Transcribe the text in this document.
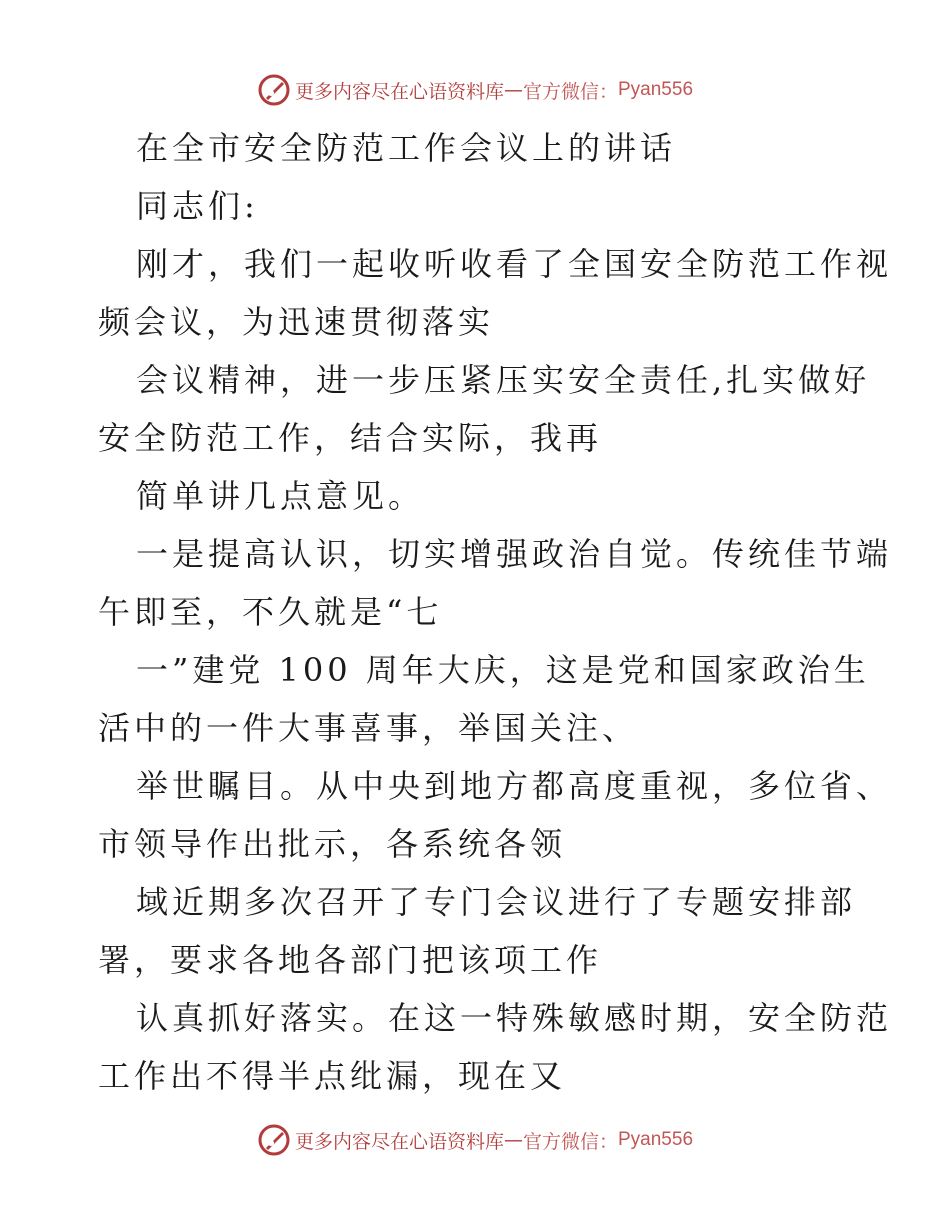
更多内容尽在心语资料库 — 官方微信： Pyan556
在全市安全防范工作会议上的讲话
同志们:
刚才，我们一起收听收看了全国安全防范工作视
频会议，为迅速贯彻落实
会议精神，进一步压紧压实安全责任,扎实做好
安全防范工作，结合实际，我再
简单讲几点意见。
一是提高认识，切实增强政治自觉。传统佳节端
午即至，不久就是“七
一”建党 100 周年大庆，这是党和国家政治生
活中的一件大事喜事，举国关注、
举世瞩目。从中央到地方都高度重视，多位省、
市领导作出批示，各系统各领
域近期多次召开了专门会议进行了专题安排部
署，要求各地各部门把该项工作
认真抓好落实。在这一特殊敏感时期，安全防范
工作出不得半点纰漏，现在又
更多内容尽在心语资料库 — 官方微信： Pyan556
